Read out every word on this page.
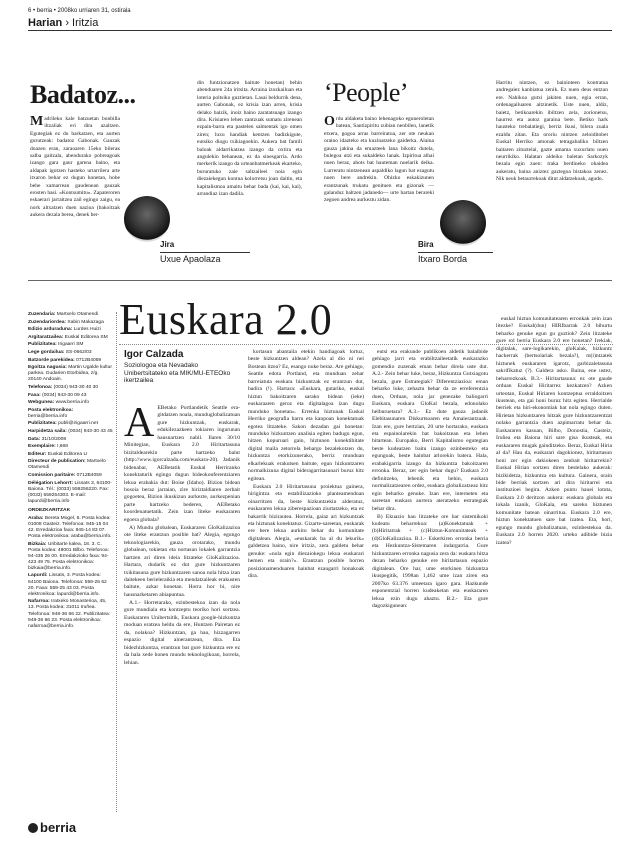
6 • berria • 2008ko urriaren 31, ostirala
Harian › Iritzia
Badatoz...
Madrileko kale batzuetan bonbilla iltzaliak eri dira azaltzen. Egutegiak ez du barkatzen, eta aurten gurutzeak: badatoz Gabonak. Gauzak doazen eran, zaraoaren 15eko bileraк salba gaitzala, abendurako pobreagoak izango gara gaur garena baino, eta aldapak igotzen hasteko urtarrilera arte itxaron behar ez dugun honetan, hobe behe xamarrean gaudenean gauzak erosten hasi. «Kontsumitu». Zapateroren eskaerari jarraitzea zail egingo zaigu, ea nork altxatzen duen nazioa (bakoitzak aukera dezala berea, denek ber-
din funtzionatzen baitute honetan) behin abenduaren 24a iritsita. Arraina izozkailuan eta loteria poltsiko guztietan. Lasai beldurrik dena, aurten Gabonak, ez krisia izan arren, krisia delako baizik, inoiz baino zaratatsuago izango dira. Krisiaren lehen zantzuak sumatu zirenean ezpain-barra eta pastelen salmentak igo omen ziren; luxu handiak kentzen badizkigute, eutsiko diogu txikiagoekin. Aukera bat famili baloak aldarrikatzea izango da oxtira eta angulekin behanean, ez da sinesgarria. Ardo merkerik izango da urteanbatmerkeak ekarteko, bururatuko zaie saltzaileei noia egin diezaiekegun kontua kolorretsu joan daitin, eta kapitalismoa amaitu behar bada (kai, kai, kai), arrandiaz izan dadila.
Jira
Uxue Apaolaza
‘People’
Ordu aldaketa baino lehenagoko eguneroletan batean, Santizpiritu zubian nenbilen, lanetik etxera, gogoa arras barreiratua, zer ote neukan oraino idazteko eta kuzinatzeko gaiderka. Alaina gauza jakina da emazteek lana bikoitz dutela, bulegoa utzi eta sukaldeko lanak. Izpiritua alhai nuen beraz, ahots bat hauteman nuelarik deika. Lurreratu nintzenean aspaldiko lagun bat ezagutu nuen bere andrekin. Ohizko eskakizunen erantzunak trukatu genituen eta gizonak —galanduz baltzen jadanedo— urte hartan berareki zegoen andrea aurkeztu zidan.
Harritu nintzen, ez baininteen kontratua andregaiez kanbiatua zenik. Ez nuen deus entzun ere. Nahikoa gutxi jakiten nuen, egia erran, ordenagailuaren aitzinetik. Uste nuen, aldiz, baietz, betikoarekin ibiltzen zela, zorionetsu, haurrez eta autoz garaina bete. Betiko hark hausteko trebalatiegi, berriz ikusi, bilera zuala ezaldu zitan. Eta ororiu nintzen zeloiditobet Euskal Herriko amonak tetragabaliko biltzen baitaren zituztelai, gazte amama xuxurlatu nuen neurrikiko. Halatan aldeiko baletan Sarkozyk bezala egin zuen: traka berdineko ohaidea aukeratu, baina aniztez gaztegoa bistakoa zenez. Nik neuk betaurrekoak ditut aldatzekoak, agudo.
Bira
Itxaro Borda
Zuzendaria: Martxelo Otamendi
Zuzendariordea: Xabin Makazaga
Edizio arduraduna: Lurdes Huizi
Argitaratzailea: Euskal Editorea SM
Publizitatea: Irigaarri SM
Lege gordailua: SS-0662/03
Batzorde parekidea: 0712B4059
Egoitza nagusia: Martin Ugalde kultur parkea. Gudarien Etorbidea, z/g. 20140 Andoain.
Telefonoa: (0034) 943-30 40 30
Faxa: (0034) 943-30 09 43
Webgunea: www.berria.info
Posta elektronikoa: berria@berria.info
Publizitatea: publi@irigaarri.net
Harpidetza saila: (0034) 943-30 43 45
Data: 31/10/2008
Exemplaire: I,668
Editeur: Euskal Editorea LI
Directeur de publication: Martxelo Otamendi
Comission paritaire: 0712B4059
Délégation Lehorrt: Lissats 3, 64100-Baiona. Tél.: (0033) 559256220. Fax: (0033) 559254303. E-mail: lapurdi@berria.info
ORDEZKARITZAK
Araba: Bereta Mogel, 6. Posta kodea: 01008 Gasteiz. Telefonoa: 945-15 04 42. Erredakzioa faxa: 945-14 83 07. Posta elektronikoa: araba@berria.info.
Bizkaia: Uribitarte kalea, 18. 3. C. Posta kodea: 48001 Bilbo. Telefonoa: 94-435 26 00. Erredakzioko faxa: 94-423 49 75. Posta elektronikoa: bizkaia@berria.info.
Lapurdi: Lissats, 3. Posta kodea: 64100 Baiona. Telefonoa: 559-25 62 20. Faxa: 559-25 43 03. Posta elektronikoa: lapurdi@berria.info.
Nafarroa: Iratxeko Monasterioa, 45, 13. Posta kodea: 31011 Iruñea. Telefonoa: 948-36 66 22. Publizitatea: 948-36 66 23. Posta elektronikoa: nafarroa@berria.info.
Euskara 2.0
Igor Calzada
Soziologoa eta Nevadako Unibertsitateko eta MIK/MU-ETEOko ikertzailea

A EBetako Portlandetik Seattle era-gitdatzen noala, munduglobalizatuan gure hizkuntzak, euskarak, edukiIezazkeen tokiaren ingurunan hausnartzen nabil. Ilaren 30/10 Minitegian, Euskara 2.0 Hiritartasuna bizitaldearekin parte hartzeko balut (http://www.igorcalzada.com/euskara-20). Jadanik bidenabar, AEBetatik Euskal Herriranko konektaturik egingo dugun bideokonferentziaren lekua erabakia dut: Boise (Idaho). Bizion bidean bosoia beraz jarraian, zire hiriztaldiaren zerbait gogoetea, Bizion ikuskizun aurkezte, aurkezpenian parte hartzeko bederen, AEBetako koordenatuetatik. Zein izan liteke euskararen egoera globala?

A) Mundu globalean, Euskararen GloKalizazioa ote liteke erantzun posible bat? Alegia, egungo teknologiarekin, gauza orotarako, mundu globalean, tokietan eta nortasun lokalek garrantzia hartzen ari diren ideia litzateke GloKalizazioa. Hartara, dudarik ez dut gure hizkuntzaren txikitasuna gure hizkuntzaren sanoa nola hitza izan daitekeen berieleraikia eta mendatzaileak erakusten baitute, azkar honetan. Horra hor bi, nire hausnarketaren abiapuntua.

A.1.- Horretarako, ezinbestekoa izan da nola gure mundiala eta kontzeptu teoriko hori sortzea. Euskararen Unibertsitik, Euskara google-hizkuntza moduan eratzea heldu da ere, Huntzen Pairetan ez da, nolakoa? Hizkuntzan, ga hau, hizzagarren espazio digital ainerantzean, dira. Eta bidezhizkuntza, erantzun bat gure hizkuntza ere ez da hala xede honen mundu teknologikoan, horrela, lehian.

kortasun abantaila etekin handiagoak lortuz, beste hizkuntzen aldean? Azela al dio ni nei Bostean itzea? Ez, esango nuke beraz. Are gehiago, Seattle edota Portland, eta munduan zehar barreiatuta euskara hizkuntzak ez erantzun dut, badira (!). Hartara: «Euskara, gutariko, euskal hiztun bakoitzaren sarako bidean (ieke) euskaraaren geroz eta digitalagoa izan dugu munduko honetan». Errenka hiztunak Euskal Herriko geografia barru eta kanpoan konektatuak egotea litzateke. Sakon dezadan gai honetan: munduko hizkuntzen analisia egiten badugu egun, hitzen kopuruari gain, hiztunen konektibitate digital maila zetorrela behargo bezalekotzen du, hizkuntza etorkizunerako, berriz munduan elkarlekuak erakutsen baitute, egun hizkuntzaren normalkizuna digital bideragarritasunari buruz hitz egitean.

Euskara 2.0 Hiritartasuna proiektua gainera, hirigintza eta estabilizazioko planteamenduan oinarritzen da, beste hizkuntzekin alderatuz, euskararen lekua ziberespazioan ziurtatzeko, eta ez bakarrik bizirautea. Horrela, gaiaz ari hizkuntzak eta hiztunak konektatuz. Gizarte-sareetan, euskarak ere bere lekua aurkitu behar du komunitate digitalean. Alegia, «euskarak ba al du lekurik» galdetzea baino, nire iritziz, zera galdetu behar genuke: «nola egin diezaiokegu lekua euskarari hemen eta orain?». Erantzun posible horren posizionamenduaren hainbat ezaugarri honakoak dira.

eutsi eta erakunde publikoen aldetik balaibide gehiago jarri eta erabiltzaileetatik euskarazko gomendio zuzenak eman behar direla uste dut. A.2.- Zein behar luke, beraz, Hizkuntza Gutxiagotu bezala, gure Estrategiak? Diferentziazioa: eman beharko luke, zehaztu behar da ze erreferentzia duen, Orduan, nola jar genezake baliogarri Euskara, euskara GloKal bezala, edonolako helburuetara? A.3.- Ez dute gauza jadanik Elebitasunaren Diskurtsoaren eta Amaierantzuak. Izan ere, gure hertzian, 20 urte hortarako, euskara eta espainolarekin bat bakoitzean eta lehen bitartean. Europako, Berri Kapitalismo egutegian beste kudeatzen baitu izango ezinbesteko eta egungoak, beste hainbat arlorekin batera. Hala, erabakigarria izango da hizkuntza bakoitzaren erronka. Beraz, zer egin behar dugu? Euskara 2.0 definitzeko, lehenik eta behin, euskara normalizatzearen ordez, euskara globalizatzeaz hitz egin beharko genuke. Izan ere, interneten eta sareetan euskara aurrera ateratzeko estrategiak behar dira.

B) Ekuazio hau litzateke ore har sistemikoki kudeatu beharrekoa: (a)Konektatuak + (b)Hiritarrak + (c)Hiztun-Komunitateak + (d)GloKalizazioa. B.1.- Eskerkiren erronka berria eta Hezkuntza-Sistemaren indargarria. Gure hizkuntzaren erronka nagusia zera da: euskara hitza dezan beharko genuke ere hiritartasun espazio digitalean. Ore har, ume etorkinen hizkuntza ikuspegitik, 1998an 1,462 ume izan ziren eta 2007ko 63.376 umeetara igaro gara. Hazkunde esponentzial horren kudeaketan eta euskararen lekua ezin dugu ahaztu. B.2.- Eta gure dagozkigunean:

euskal hiztun komunitatearen erronkak zein izan litezke? Euskal(dun) HIRIbarrak 2.0 bihurtu beharko genuke egun gu guztiok? Zein litzateke gure rol berria Euskara 2.0 ere honetan? Irekiak, digitalak, sare-logikarekin, gloKalak, hizkuntz hackerrak (bertsolariak bezala?), m(i)ntzatek hiztunek euskararen igarotz, garbizaletasuna sakrifikatuz (?). Galdera asko. Baina, ene ustez, beharrezkoak. B.3.- Hiritartasuna: ez ote gaude orduan Euskal Hiritarrez kezkatzen? Azken urteotan, Euskal Hiriaren kontzeptua erraldoitzen ikustean, eta gai honi buruz hitz egiten. Herrialde berriek eta hiri-ekonomiak bat nola egingo duten. Hirietan hizkuntzaren hitzak gure hizkuntzarentzat nolako garrantzia duen azpimarratu behar da. Euskararen kasuan, Bilbo, Donostia, Gasteiz, Iruñea eta Baiona hiri sare gisa ikusteak, eta euskararen mugak gainditzeko. Beraz, Euskal Hiria al da? Hau da, euskarari dagokionez, hiritartasun honi zer egin dakiokeen zenbait hiritarrekin? Euskal Hirian sortzen diren bestelako aukerak: bizikidetza, hizkuntza eta kultura. Gainera, orain bide berriak sortzen ari dira hiritarrei eta instituzioei begira. Azken puntu hauei lotuta, Euskara 2.0 deritzon aukera: euskara globala eta lokala izanik, GloKala, eta sareko hiztunen komunitate batean oinarritua. Euskara 2.0 ere, hiztun konektatuen sare bat izatea. Eta, hori, egungo mundu globalizatuan, ezinbestekoa da. Euskara 2.0 horren 2020. urteko adibide bizia izatea?

berria
